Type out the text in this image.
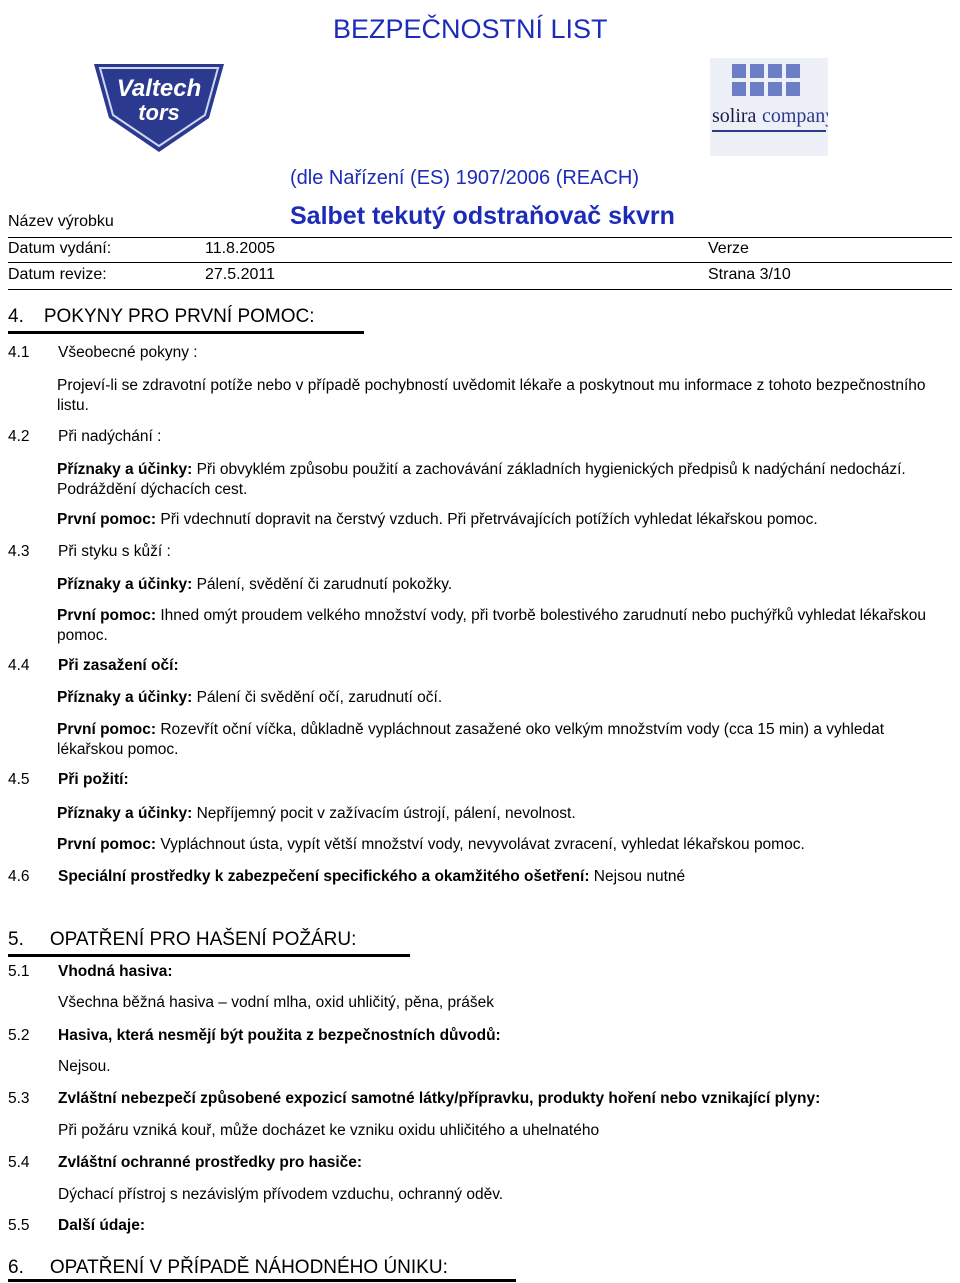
BEZPEČNOSTNÍ LIST
Valtech
tors	solira company
(dle Nařízení (ES) 1907/2006 (REACH)
Název výrobku	Salbet tekutý odstraňovač skvrn
Datum vydání:	11.8.2005	Verze
Datum revize:	27.5.2011	Strana 3/10
4. POKYNY PRO PRVNÍ POMOC:
4.1 Všeobecné pokyny :
Projeví-li se zdravotní potíže nebo v případě pochybností uvědomit lékaře a poskytnout mu informace z tohoto bezpečnostního listu.
4.2 Při nadýchání :
Příznaky a účinky: Při obvyklém způsobu použití a zachovávání základních hygienických předpisů k nadýchání nedochází. Podráždění dýchacích cest.
První pomoc: Při vdechnutí dopravit na čerstvý vzduch. Při přetrvávajících potížích vyhledat lékařskou pomoc.
4.3 Při styku s kůží :
Příznaky a účinky: Pálení, svědění či zarudnutí pokožky.
První pomoc: Ihned omýt proudem velkého množství vody, při tvorbě bolestivého zarudnutí nebo puchýřků vyhledat lékařskou pomoc.
4.4 Při zasažení očí:
Příznaky a účinky: Pálení či svědění očí, zarudnutí očí.
První pomoc: Rozevřít oční víčka, důkladně vypláchnout zasažené oko velkým množstvím vody (cca 15 min) a vyhledat lékařskou pomoc.
4.5 Při požití:
Příznaky a účinky: Nepříjemný pocit v zažívacím ústrojí, pálení, nevolnost.
První pomoc: Vypláchnout ústa, vypít větší množství vody, nevyvolávat zvracení, vyhledat lékařskou pomoc.
4.6 Speciální prostředky k zabezpečení specifického a okamžitého ošetření: Nejsou nutné
5. OPATŘENÍ PRO HAŠENÍ POŽÁRU:
5.1 Vhodná hasiva:
Všechna běžná hasiva – vodní mlha, oxid uhličitý, pěna, prášek
5.2 Hasiva, která nesmějí být použita z bezpečnostních důvodů:
Nejsou.
5.3 Zvláštní nebezpečí způsobené expozicí samotné látky/přípravku, produkty hoření nebo vznikající plyny:
Při požáru vzniká kouř, může docházet ke vzniku oxidu uhličitého a uhelnatého
5.4 Zvláštní ochranné prostředky pro hasiče:
Dýchací přístroj s nezávislým přívodem vzduchu, ochranný oděv.
5.5 Další údaje:
6. OPATŘENÍ V PŘÍPADĚ NÁHODNÉHO ÚNIKU:
